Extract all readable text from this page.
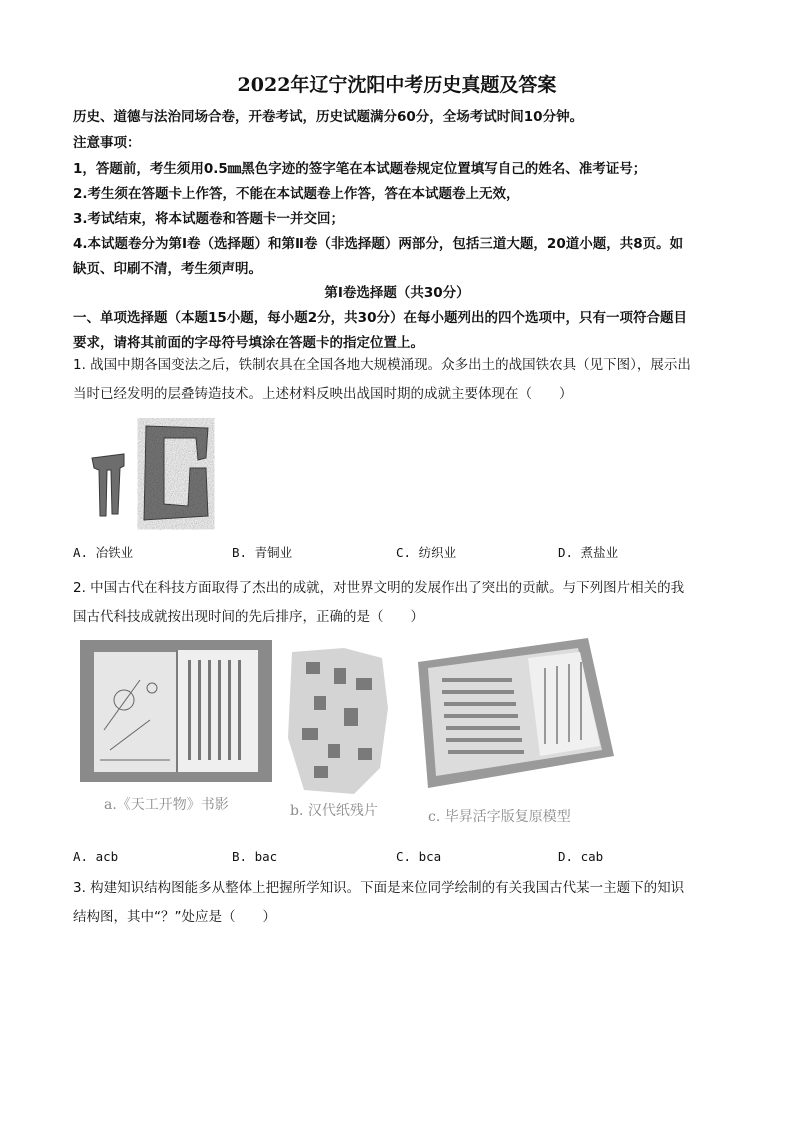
2022年辽宁沈阳中考历史真题及答案
历史、道德与法治同场合卷，开卷考试，历史试题满分60分，全场考试时间10分钟。
注意事项：
1，答题前，考生须用0.5㎜黑色字迹的签字笔在本试题卷规定位置填写自己的姓名、准考证号；
2.考生须在答题卡上作答，不能在本试题卷上作答，答在本试题卷上无效，
3.考试结束，将本试题卷和答题卡一并交回；
4.本试题卷分为第Ⅰ卷（选择题）和第Ⅱ卷（非选择题）两部分，包括三道大题，20道小题，共8页。如
缺页、印刷不清，考生须声明。
第Ⅰ卷选择题（共30分）
一、单项选择题（本题15小题，每小题2分，共30分）在每小题列出的四个选项中，只有一项符合题目
要求，请将其前面的字母符号填涂在答题卡的指定位置上。
1. 战国中期各国变法之后，铁制农具在全国各地大规模涌现。众多出土的战国铁农具（见下图），展示出
当时已经发明的层叠铸造技术。上述材料反映出战国时期的成就主要体现在（　　）
A. 冶铁业	B. 青铜业	C. 纺织业	D. 煮盐业
2. 中国古代在科技方面取得了杰出的成就，对世界文明的发展作出了突出的贡献。与下列图片相关的我
国古代科技成就按出现时间的先后排序，正确的是（　　）
a.《天工开物》书影	b. 汉代纸残片	c. 毕昇活字版复原模型
A. acb	B. bac	C. bca	D. cab
3. 构建知识结构图能多从整体上把握所学知识。下面是来位同学绘制的有关我国古代某一主题下的知识
结构图，其中“？”处应是（　　）
